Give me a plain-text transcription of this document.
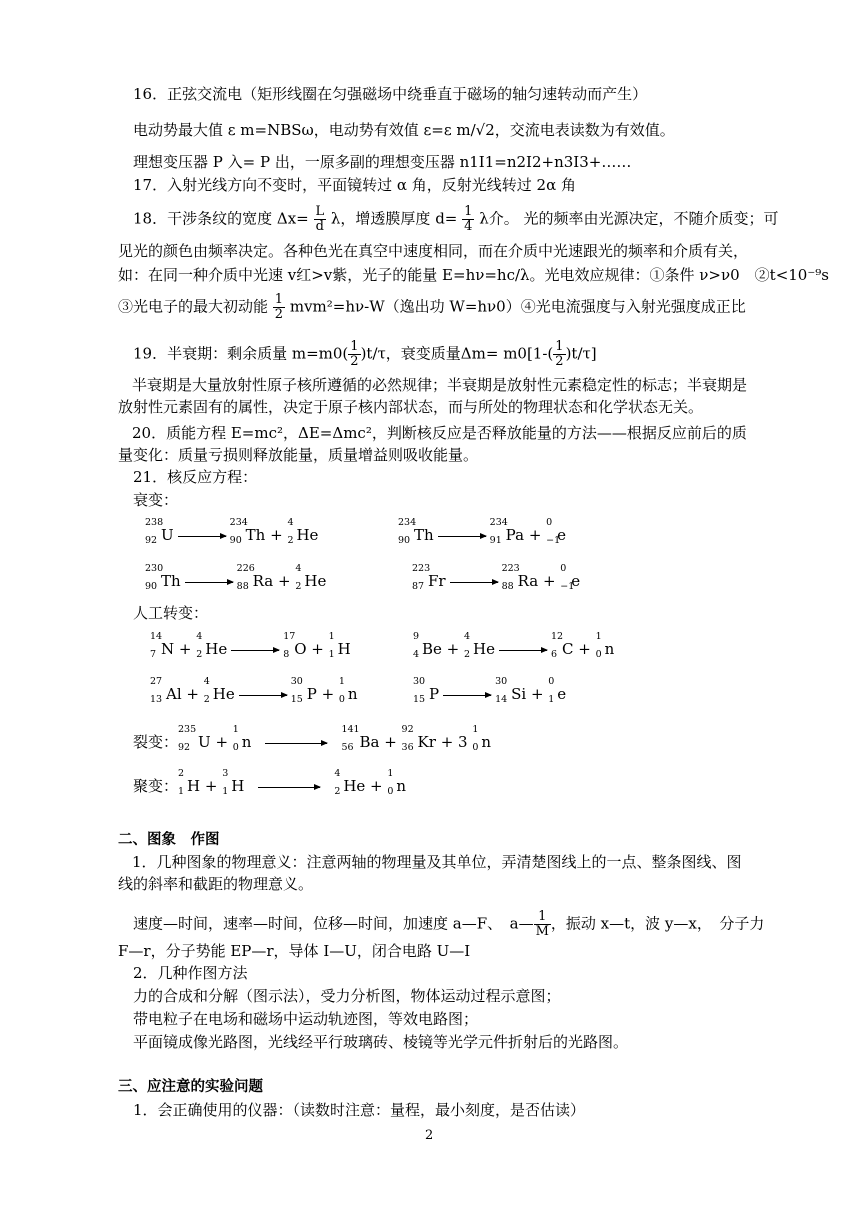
16．正弦交流电（矩形线圈在匀强磁场中绕垂直于磁场的轴匀速转动而产生）
电动势最大值 ε m=NBSω，电动势有效值 ε=ε m/√2，交流电表读数为有效值。
理想变压器 P 入= P 出，一原多副的理想变压器 n1I1=n2I2+n3I3+……
17．入射光线方向不变时，平面镜转过 α 角，反射光线转过 2α 角
18．干涉条纹的宽度 $\Delta x= \frac{L}{d}$ λ，增透膜厚度 $d= \frac{1}{4}$ λ介。 光的频率由光源决定，不随介质变；可
见光的颜色由频率决定。各种色光在真空中速度相同，而在介质中光速跟光的频率和介质有关，
如：在同一种介质中光速 v红>v紫，光子的能量 E=hν=hc/λ。光电效应规律：①条件 ν>ν0　②t<10⁻⁹s
③光电子的最大初动能 $\frac{1}{2} mvm^2=h\nu-W$（逸出功 W=hν0）④光电流强度与入射光强度成正比
19．半衰期：剩余质量 $m=m0( \frac{1}{2} )t/\tau$，衰变质量$\Delta m= m0[1-( \frac{1}{2} )t/\tau]$
半衰期是大量放射性原子核所遵循的必然规律；半衰期是放射性元素稳定性的标志；半衰期是放射性元素固有的属性，决定于原子核内部状态，而与所处的物理状态和化学状态无关。
20．质能方程 E=mc²，ΔE=Δmc²，判断核反应是否释放能量的方法——根据反应前后的质量变化：质量亏损则释放能量，质量增益则吸收能量。
21．核反应方程：
衰变：
238
92 U
234
90 Th +
4
2 He
234
90 Th
234
91 Pa +
0
−1
e
230
90 Th
226
88 Ra +
4
2 He
223
87 Fr
223
88 Ra +
0
−1
e
人工转变：
14
7 N +
4
2 He
17
8 O +
1
1 H
9
4 Be +
4
2 He
12
6 C +
1
0 n
27
13 Al +
4
2 He
30
15 P +
1
0 n
30
15 P
30
14 Si +
0
1 e
裂变：
235
92 U +
1
0 n
141
56 Ba +
92
36 Kr + 3
1
0 n
聚变：
2
1 H +
3
1 H
4
2 He +
1
0 n
二、图象　作图
1．几种图象的物理意义：注意两轴的物理量及其单位，弄清楚图线上的一点、整条图线、图线的斜率和截距的物理意义。
速度—时间，速率—时间，位移—时间，加速度 a—F、　a— $\frac{1}{M}$ ，振动 x—t，波 y—x，　分子力
F—r，分子势能 EP—r，导体 I—U，闭合电路 U—I
2．几种作图方法
力的合成和分解（图示法），受力分析图，物体运动过程示意图；
带电粒子在电场和磁场中运动轨迹图，等效电路图；
平面镜成像光路图，光线经平行玻璃砖、棱镜等光学元件折射后的光路图。
三、应注意的实验问题
1．会正确使用的仪器：（读数时注意：量程，最小刻度，是否估读）
2
